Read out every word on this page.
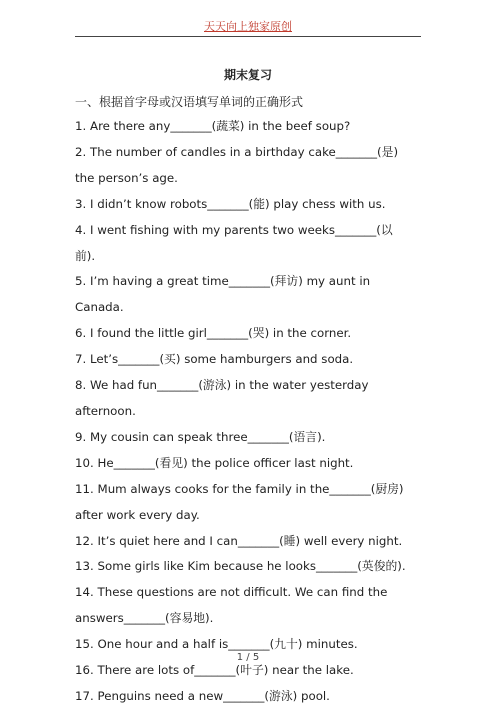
天天向上独家原创
期末复习
一、根据首字母或汉语填写单词的正确形式

1. Are there any_______(蔬菜) in the beef soup?

2. The number of candles in a birthday cake_______(是) the person’s age.

3. I didn’t know robots_______(能) play chess with us.

4. I went fishing with my parents two weeks_______(以前).

5. I’m having a great time_______(拜访) my aunt in Canada.

6. I found the little girl_______(哭) in the corner.

7. Let’s_______(买) some hamburgers and soda.

8. We had fun_______(游泳) in the water yesterday afternoon.

9. My cousin can speak three_______(语言).

10. He_______(看见) the police officer last night.

11. Mum always cooks for the family in the_______(厨房) after work every day.

12. It’s quiet here and I can_______(睡) well every night.

13. Some girls like Kim because he looks_______(英俊的).

14. These questions are not difficult. We can find the answers_______(容易地).

15. One hour and a half is_______(九十) minutes.

16. There are lots of_______(叶子) near the lake.

17. Penguins need a new_______(游泳) pool.

1 / 5
